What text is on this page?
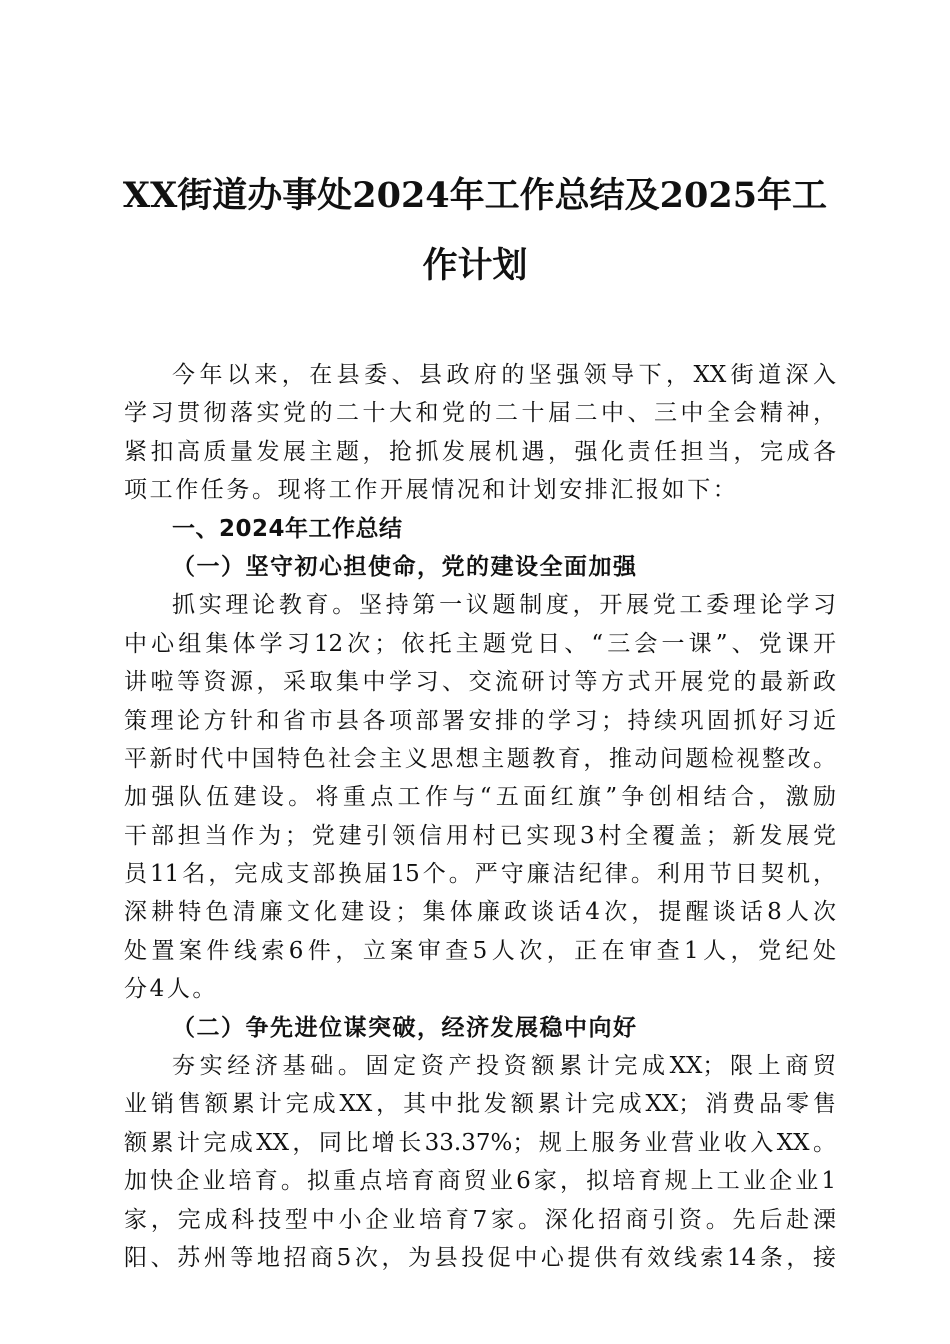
XX街道办事处2024年工作总结及2025年工
作计划
今年以来，在县委、县政府的坚强领导下，XX街道深入
学习贯彻落实党的二十大和党的二十届二中、三中全会精神，
紧扣高质量发展主题，抢抓发展机遇，强化责任担当，完成各
项工作任务。现将工作开展情况和计划安排汇报如下：
一、2024年工作总结
（一）坚守初心担使命，党的建设全面加强
抓实理论教育。坚持第一议题制度，开展党工委理论学习
中心组集体学习12次；依托主题党日、“三会一课”、党课开
讲啦等资源，采取集中学习、交流研讨等方式开展党的最新政
策理论方针和省市县各项部署安排的学习；持续巩固抓好习近
平新时代中国特色社会主义思想主题教育，推动问题检视整改。
加强队伍建设。将重点工作与“五面红旗”争创相结合，激励
干部担当作为；党建引领信用村已实现3村全覆盖；新发展党
员11名，完成支部换届15个。严守廉洁纪律。利用节日契机，
深耕特色清廉文化建设；集体廉政谈话4次，提醒谈话8人次
处置案件线索6件，立案审查5人次，正在审查1人，党纪处
分4人。
（二）争先进位谋突破，经济发展稳中向好
夯实经济基础。固定资产投资额累计完成XX；限上商贸
业销售额累计完成XX，其中批发额累计完成XX；消费品零售
额累计完成XX，同比增长33.37%；规上服务业营业收入XX。
加快企业培育。拟重点培育商贸业6家，拟培育规上工业企业1
家，完成科技型中小企业培育7家。深化招商引资。先后赴溧
阳、苏州等地招商5次，为县投促中心提供有效线索14条，接
